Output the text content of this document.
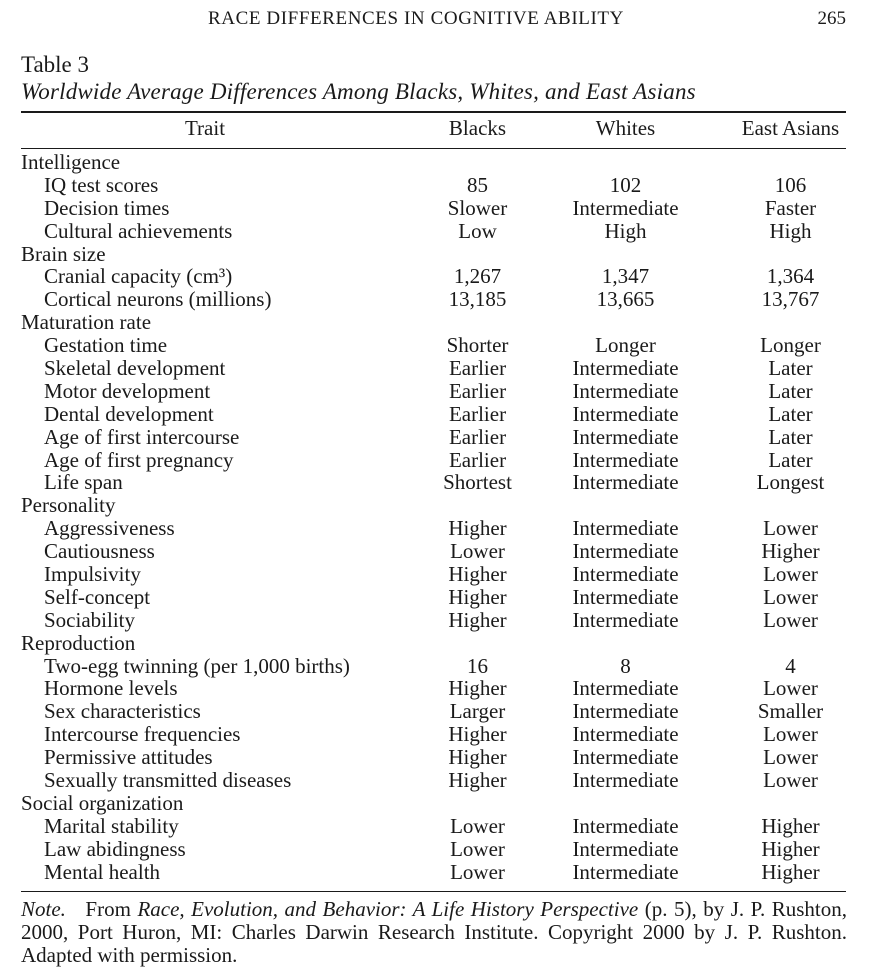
RACE DIFFERENCES IN COGNITIVE ABILITY	265
Table 3
Worldwide Average Differences Among Blacks, Whites, and East Asians
Trait	Blacks	Whites	East Asians
Intelligence
IQ test scores	85	102	106
Decision times	Slower	Intermediate	Faster
Cultural achievements	Low	High	High
Brain size
Cranial capacity (cm³)	1,267	1,347	1,364
Cortical neurons (millions)	13,185	13,665	13,767
Maturation rate
Gestation time	Shorter	Longer	Longer
Skeletal development	Earlier	Intermediate	Later
Motor development	Earlier	Intermediate	Later
Dental development	Earlier	Intermediate	Later
Age of first intercourse	Earlier	Intermediate	Later
Age of first pregnancy	Earlier	Intermediate	Later
Life span	Shortest	Intermediate	Longest
Personality
Aggressiveness	Higher	Intermediate	Lower
Cautiousness	Lower	Intermediate	Higher
Impulsivity	Higher	Intermediate	Lower
Self-concept	Higher	Intermediate	Lower
Sociability	Higher	Intermediate	Lower
Reproduction
Two-egg twinning (per 1,000 births)	16	8	4
Hormone levels	Higher	Intermediate	Lower
Sex characteristics	Larger	Intermediate	Smaller
Intercourse frequencies	Higher	Intermediate	Lower
Permissive attitudes	Higher	Intermediate	Lower
Sexually transmitted diseases	Higher	Intermediate	Lower
Social organization
Marital stability	Lower	Intermediate	Higher
Law abidingness	Lower	Intermediate	Higher
Mental health	Lower	Intermediate	Higher
Note. From Race, Evolution, and Behavior: A Life History Perspective (p. 5), by J. P. Rushton, 2000, Port Huron, MI: Charles Darwin Research Institute. Copyright 2000 by J. P. Rushton. Adapted with permission.
